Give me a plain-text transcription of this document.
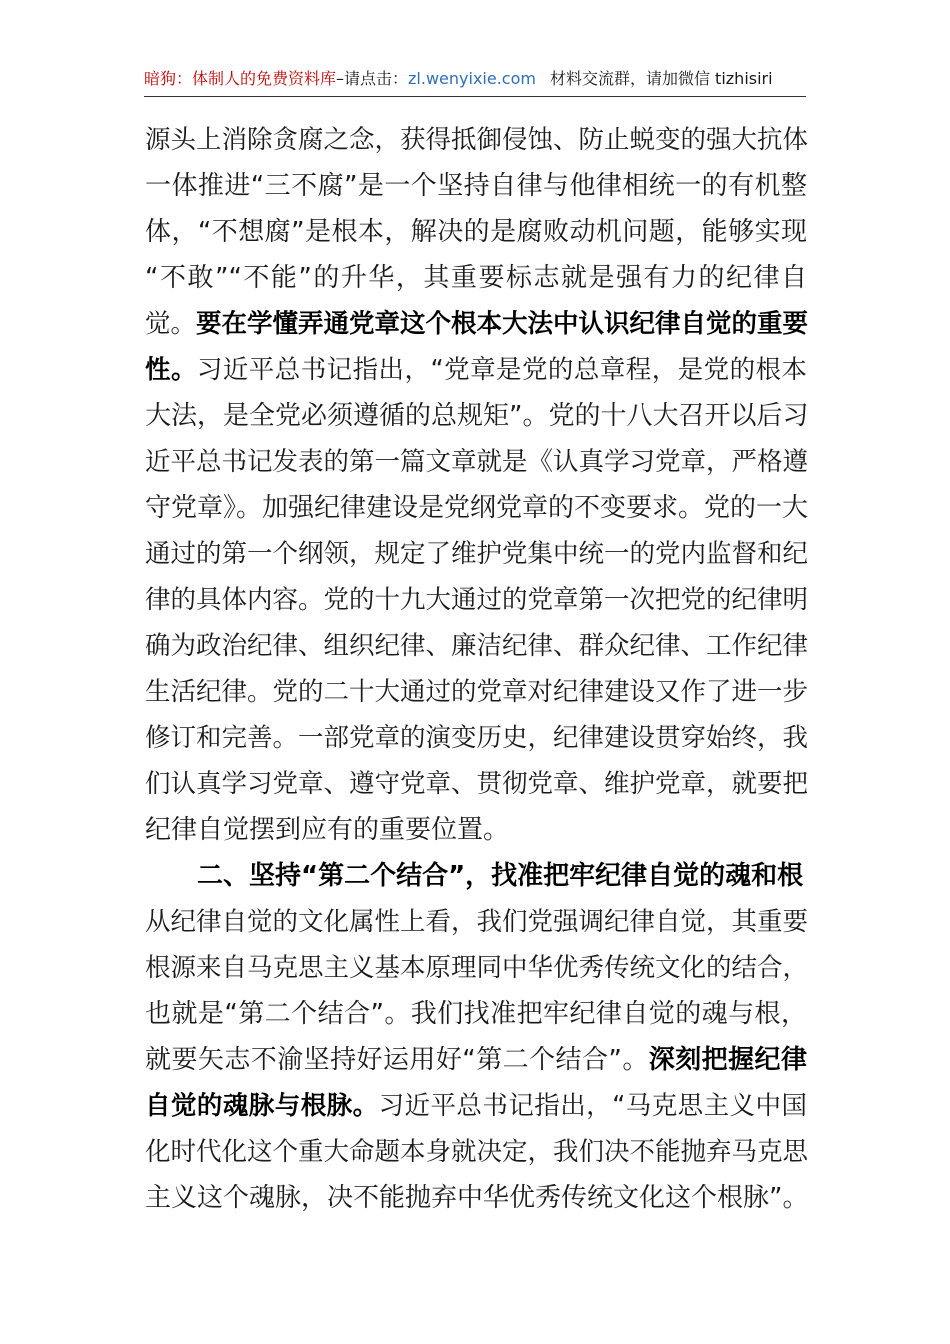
暗狗：体制人的免费资料库–请点击：zl.wenyixie.com 材料交流群，请加微信 tizhisiri
源头上消除贪腐之念，获得抵御侵蚀、防止蜕变的强大抗体
一体推进“三不腐”是一个坚持自律与他律相统一的有机整
体，“不想腐”是根本，解决的是腐败动机问题，能够实现
“不敢”“不能”的升华，其重要标志就是强有力的纪律自
觉。要在学懂弄通党章这个根本大法中认识纪律自觉的重要
性。习近平总书记指出，“党章是党的总章程，是党的根本
大法，是全党必须遵循的总规矩”。党的十八大召开以后习
近平总书记发表的第一篇文章就是《认真学习党章，严格遵
守党章》。加强纪律建设是党纲党章的不变要求。党的一大
通过的第一个纲领，规定了维护党集中统一的党内监督和纪
律的具体内容。党的十九大通过的党章第一次把党的纪律明
确为政治纪律、组织纪律、廉洁纪律、群众纪律、工作纪律
生活纪律。党的二十大通过的党章对纪律建设又作了进一步
修订和完善。一部党章的演变历史，纪律建设贯穿始终，我
们认真学习党章、遵守党章、贯彻党章、维护党章，就要把
纪律自觉摆到应有的重要位置。
二、坚持“第二个结合”，找准把牢纪律自觉的魂和根
从纪律自觉的文化属性上看，我们党强调纪律自觉，其重要
根源来自马克思主义基本原理同中华优秀传统文化的结合，
也就是“第二个结合”。我们找准把牢纪律自觉的魂与根，
就要矢志不渝坚持好运用好“第二个结合”。深刻把握纪律
自觉的魂脉与根脉。习近平总书记指出，“马克思主义中国
化时代化这个重大命题本身就决定，我们决不能抛弃马克思
主义这个魂脉，决不能抛弃中华优秀传统文化这个根脉”。
